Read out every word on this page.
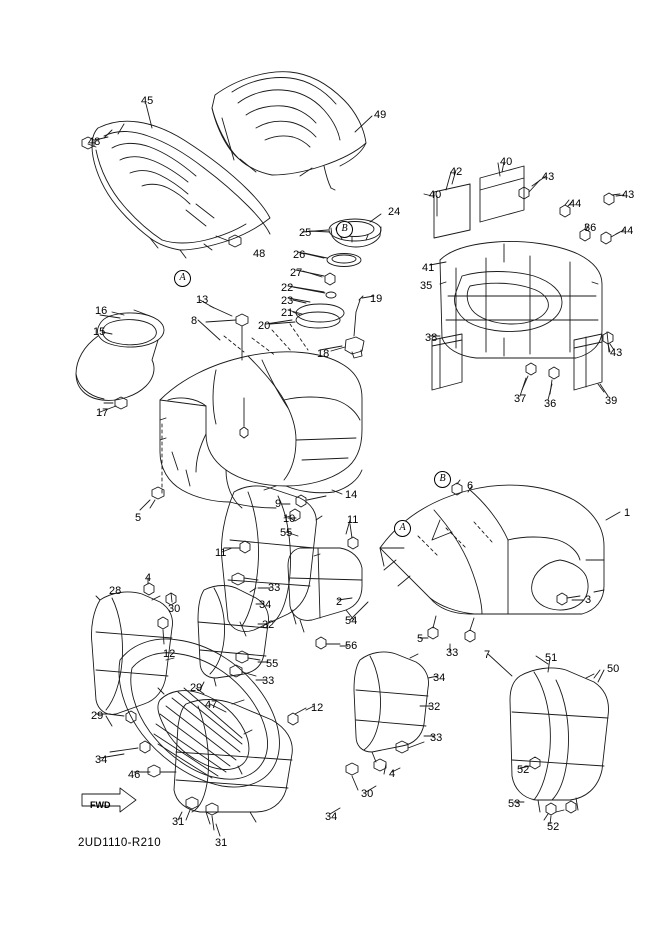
A
B
B
A
FWD
2UD1110-R210
45
49
48
42
40
43
40	43
44
36 44
24
25
48	26
41
35
27
22
19
13	23
21
16
8	20
15	38
43
18
17
37 36	39
5
9
10
14
6
1
55
11
11
3
28
4
33
2
5
30	34
54
33 7	51
50
12
32
56
34
55
33
29
47	32
12
29
33
34
46	4
30
52
53
52
31
31
34
